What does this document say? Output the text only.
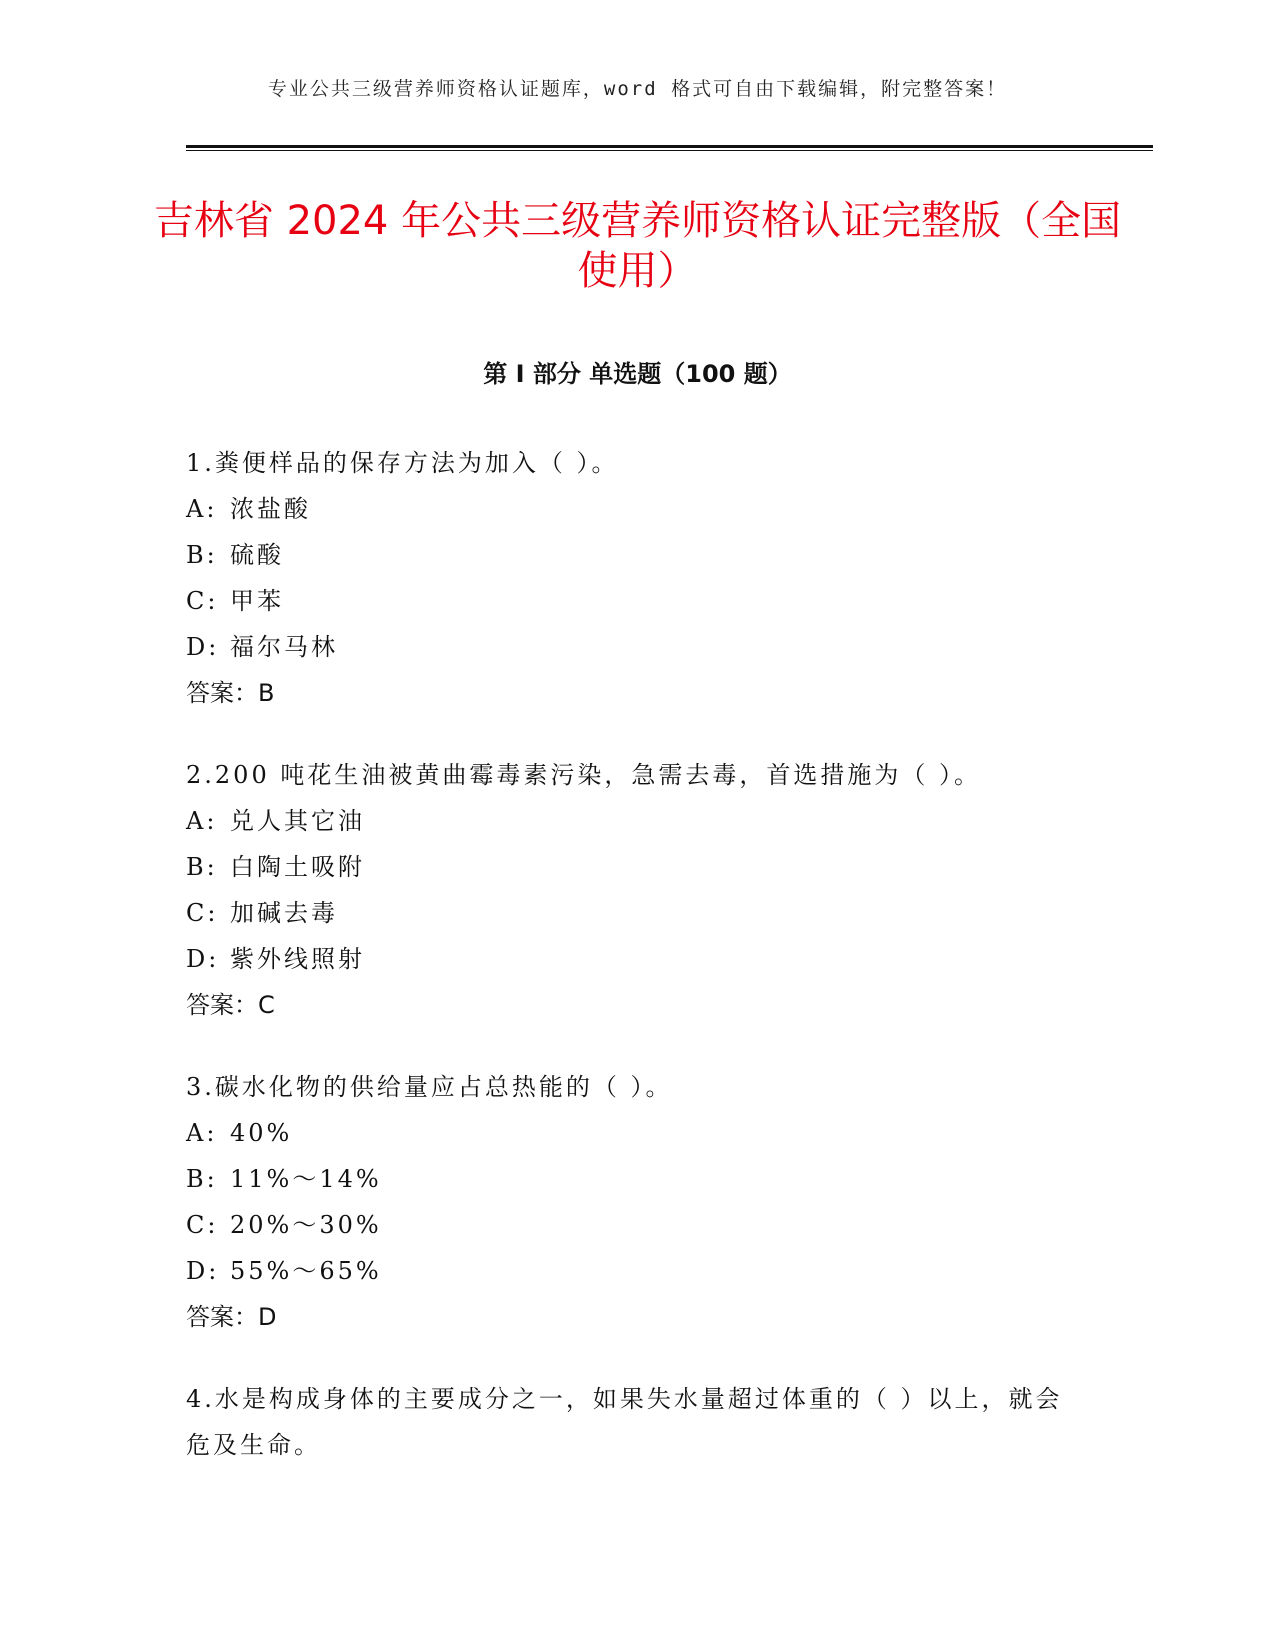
专业公共三级营养师资格认证题库，word 格式可自由下载编辑，附完整答案！
吉林省 2024 年公共三级营养师资格认证完整版（全国使用）
第 I 部分 单选题（100 题）
1.粪便样品的保存方法为加入（ ）。
A: 浓盐酸
B: 硫酸
C: 甲苯
D: 福尔马林
答案：B
2.200 吨花生油被黄曲霉毒素污染，急需去毒，首选措施为（ ）。
A: 兑人其它油
B: 白陶土吸附
C: 加碱去毒
D: 紫外线照射
答案：C
3.碳水化物的供给量应占总热能的（ ）。
A: 40%
B: 11%～14%
C: 20%～30%
D: 55%～65%
答案：D
4.水是构成身体的主要成分之一，如果失水量超过体重的（ ）以上，就会危及生命。
